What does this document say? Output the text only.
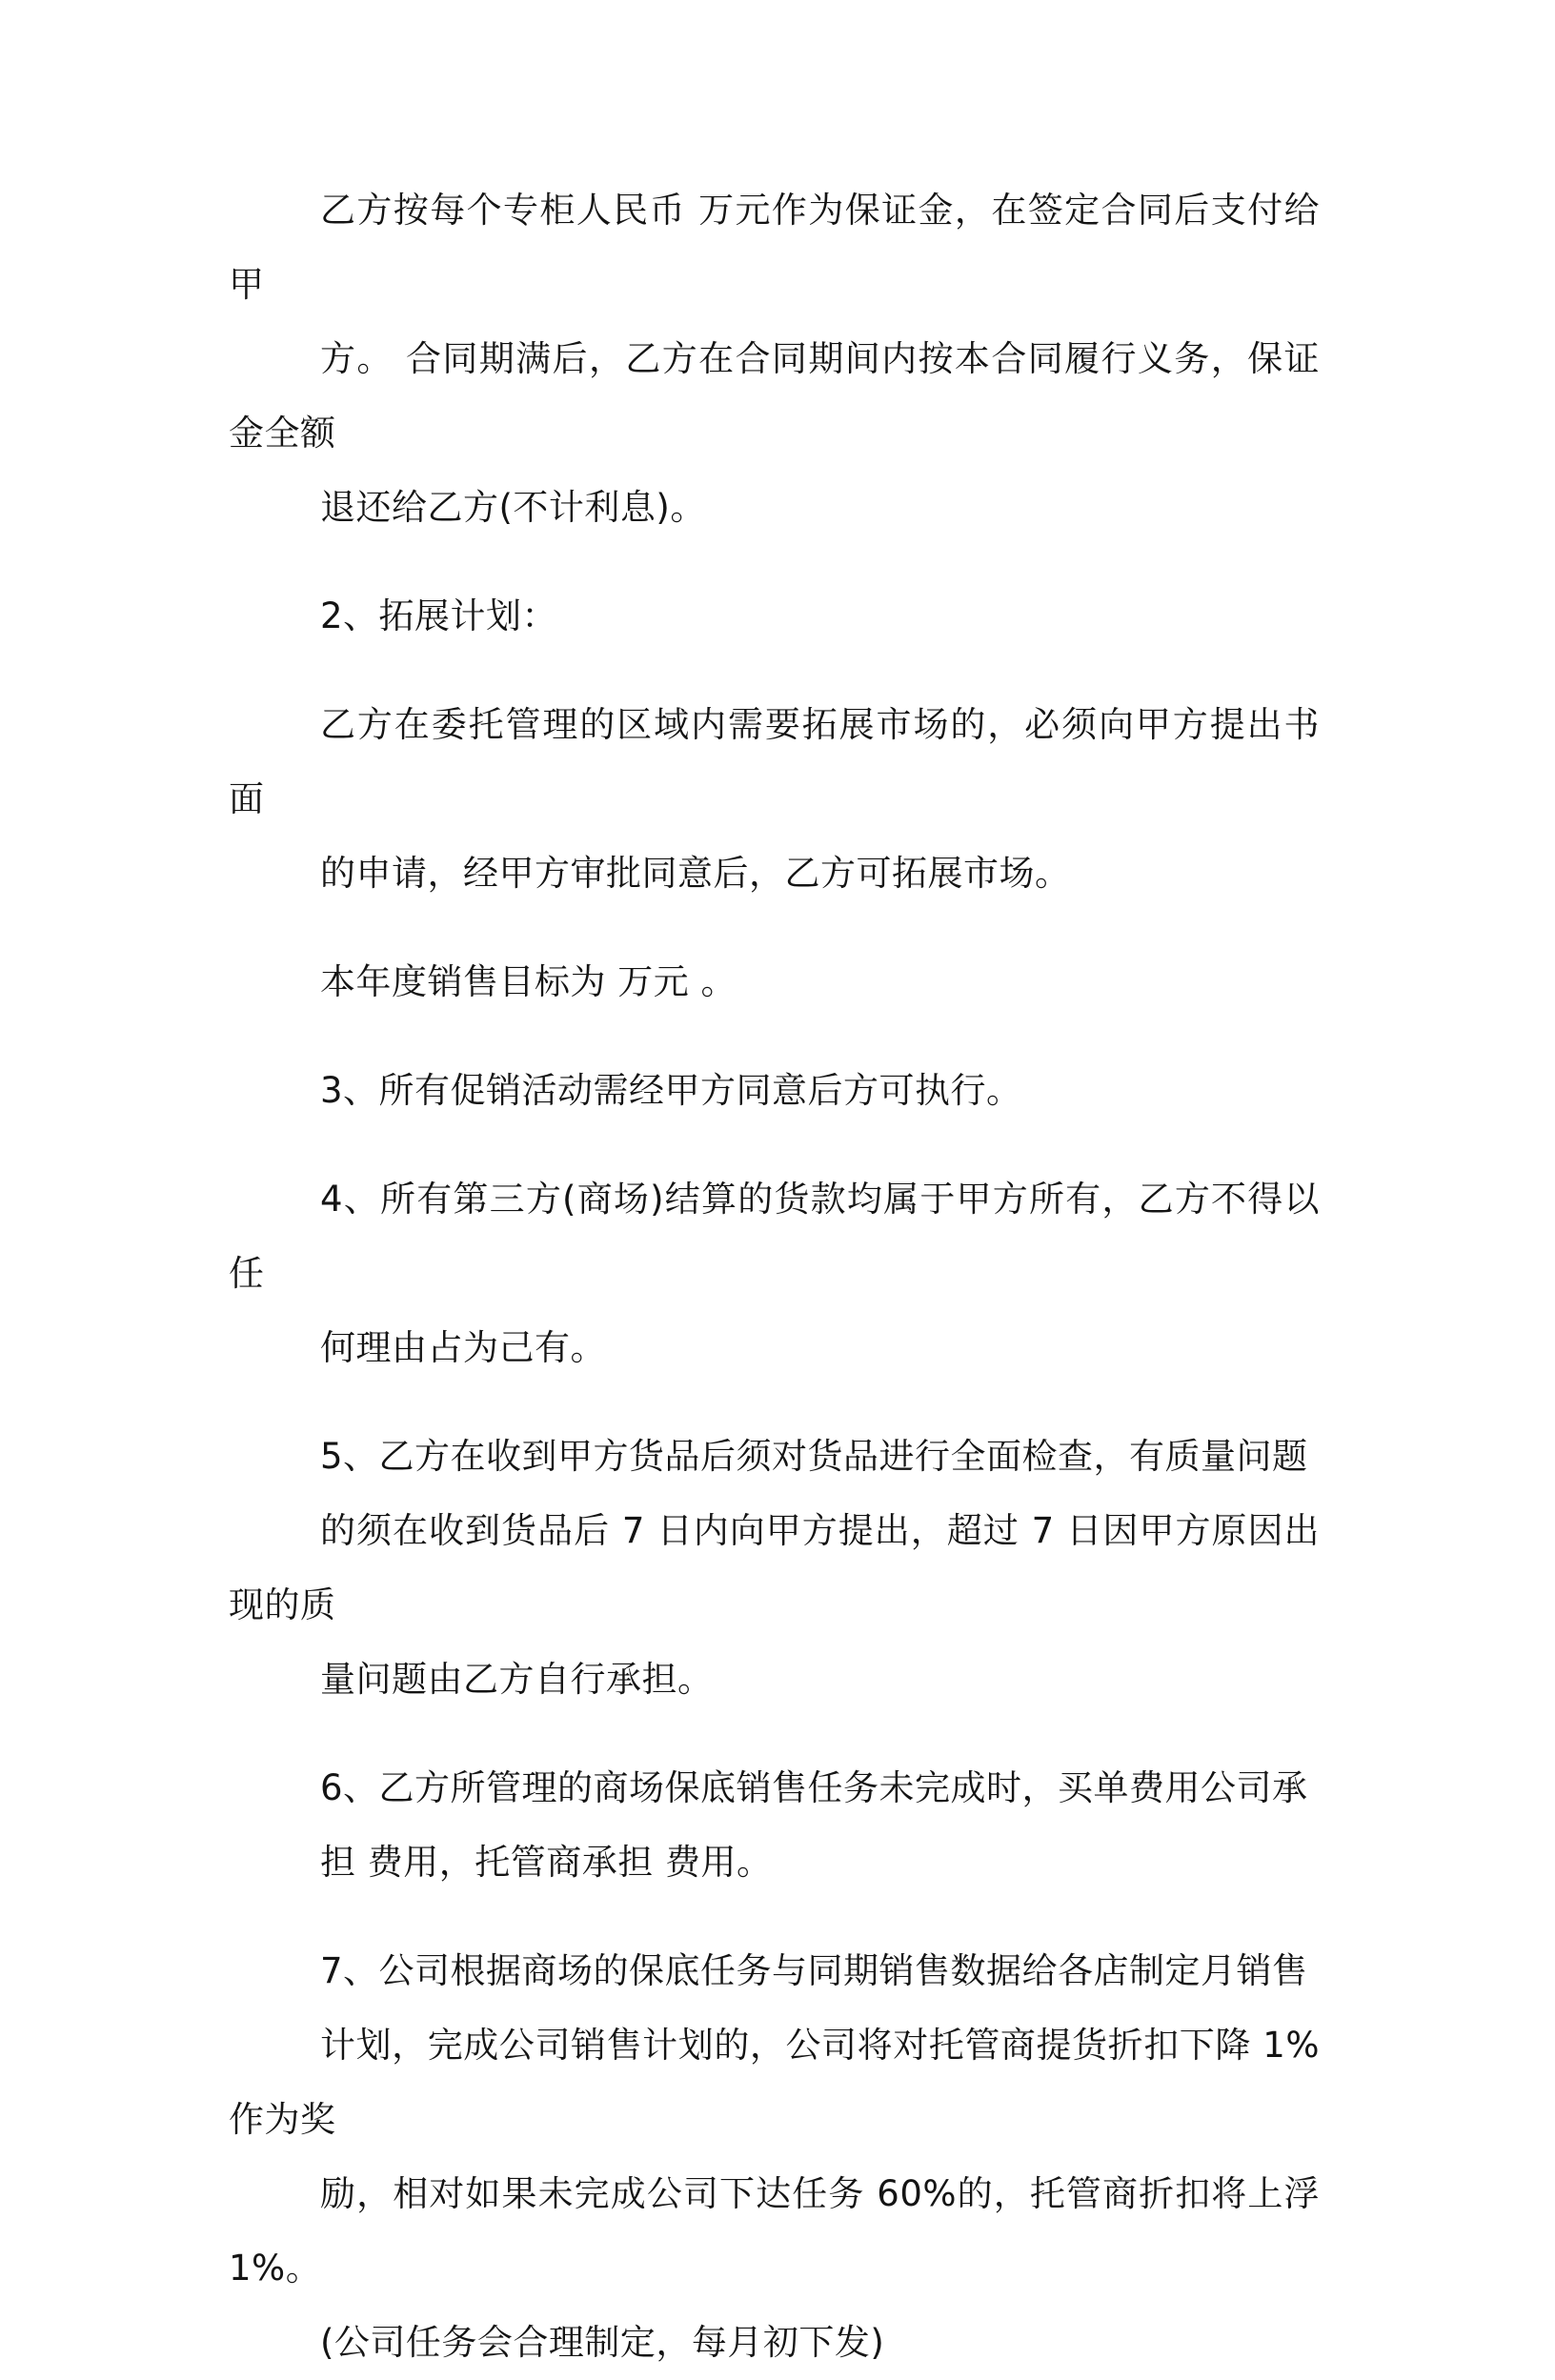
乙方按每个专柜人民币 万元作为保证金，在签定合同后支付给甲
方。 合同期满后，乙方在合同期间内按本合同履行义务，保证金全额
退还给乙方(不计利息)。

2、拓展计划：

乙方在委托管理的区域内需要拓展市场的，必须向甲方提出书面
的申请，经甲方审批同意后，乙方可拓展市场。

本年度销售目标为 万元 。

3、所有促销活动需经甲方同意后方可执行。

4、所有第三方(商场)结算的货款均属于甲方所有，乙方不得以任
何理由占为己有。

5、乙方在收到甲方货品后须对货品进行全面检查，有质量问题
的须在收到货品后 7 日内向甲方提出，超过 7 日因甲方原因出现的质
量问题由乙方自行承担。

6、乙方所管理的商场保底销售任务未完成时，买单费用公司承
担 费用，托管商承担 费用。

7、公司根据商场的保底任务与同期销售数据给各店制定月销售
计划，完成公司销售计划的，公司将对托管商提货折扣下降 1%作为奖
励，相对如果未完成公司下达任务 60%的，托管商折扣将上浮 1%。
(公司任务会合理制定，每月初下发)
